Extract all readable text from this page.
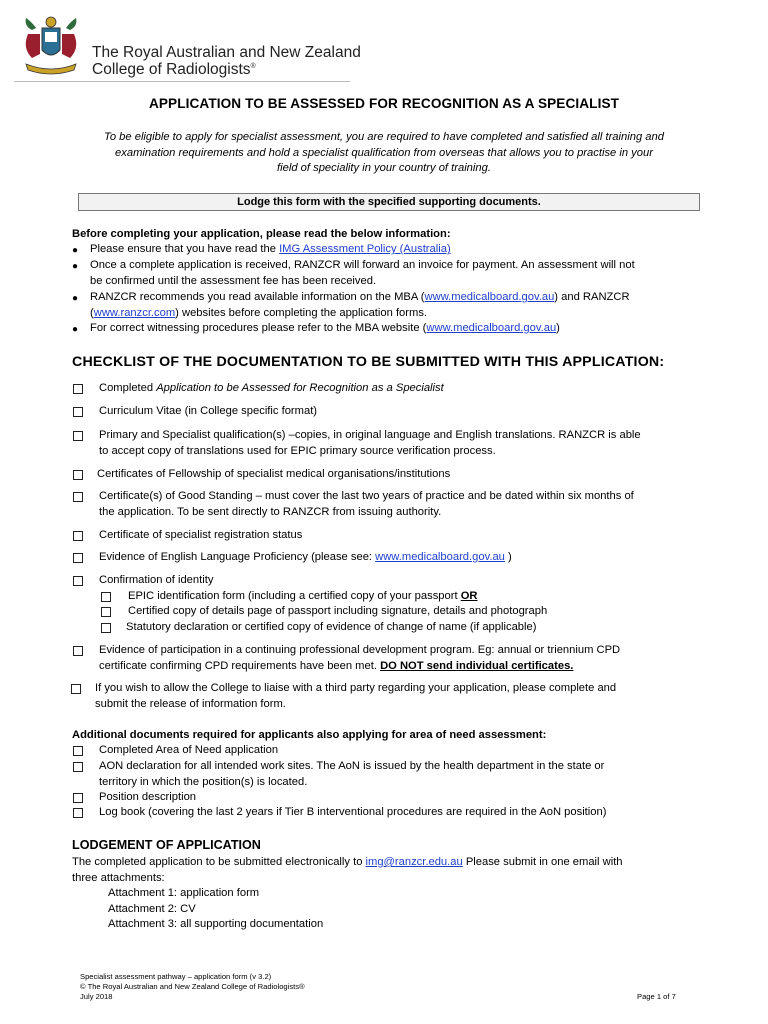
The Royal Australian and New Zealand
College of Radiologists®
APPLICATION TO BE ASSESSED FOR RECOGNITION AS A SPECIALIST
To be eligible to apply for specialist assessment, you are required to have completed and satisfied all training and
examination requirements and hold a specialist qualification from overseas that allows you to practise in your
field of speciality in your country of training.
Lodge this form with the specified supporting documents.
Before completing your application, please read the below information:
● Please ensure that you have read the IMG Assessment Policy (Australia)
● Once a complete application is received, RANZCR will forward an invoice for payment. An assessment will not
be confirmed until the assessment fee has been received.
● RANZCR recommends you read available information on the MBA (www.medicalboard.gov.au) and RANZCR
(www.ranzcr.com) websites before completing the application forms.
● For correct witnessing procedures please refer to the MBA website (www.medicalboard.gov.au)
CHECKLIST OF THE DOCUMENTATION TO BE SUBMITTED WITH THIS APPLICATION:
Completed Application to be Assessed for Recognition as a Specialist
Curriculum Vitae (in College specific format)
Primary and Specialist qualification(s) –copies, in original language and English translations. RANZCR is able
to accept copy of translations used for EPIC primary source verification process.
Certificates of Fellowship of specialist medical organisations/institutions
Certificate(s) of Good Standing – must cover the last two years of practice and be dated within six months of
the application. To be sent directly to RANZCR from issuing authority.
Certificate of specialist registration status
Evidence of English Language Proficiency (please see: www.medicalboard.gov.au )
Confirmation of identity
EPIC identification form (including a certified copy of your passport OR
Certified copy of details page of passport including signature, details and photograph
Statutory declaration or certified copy of evidence of change of name (if applicable)
Evidence of participation in a continuing professional development program. Eg: annual or triennium CPD
certificate confirming CPD requirements have been met. DO NOT send individual certificates.
If you wish to allow the College to liaise with a third party regarding your application, please complete and
submit the release of information form.
Additional documents required for applicants also applying for area of need assessment:
Completed Area of Need application
AON declaration for all intended work sites. The AoN is issued by the health department in the state or
territory in which the position(s) is located.
Position description
Log book (covering the last 2 years if Tier B interventional procedures are required in the AoN position)
LODGEMENT OF APPLICATION
The completed application to be submitted electronically to img@ranzcr.edu.au Please submit in one email with
three attachments:
Attachment 1: application form
Attachment 2: CV
Attachment 3: all supporting documentation
Specialist assessment pathway – application form (v 3.2)
© The Royal Australian and New Zealand College of Radiologists®
July 2018	Page 1 of 7
